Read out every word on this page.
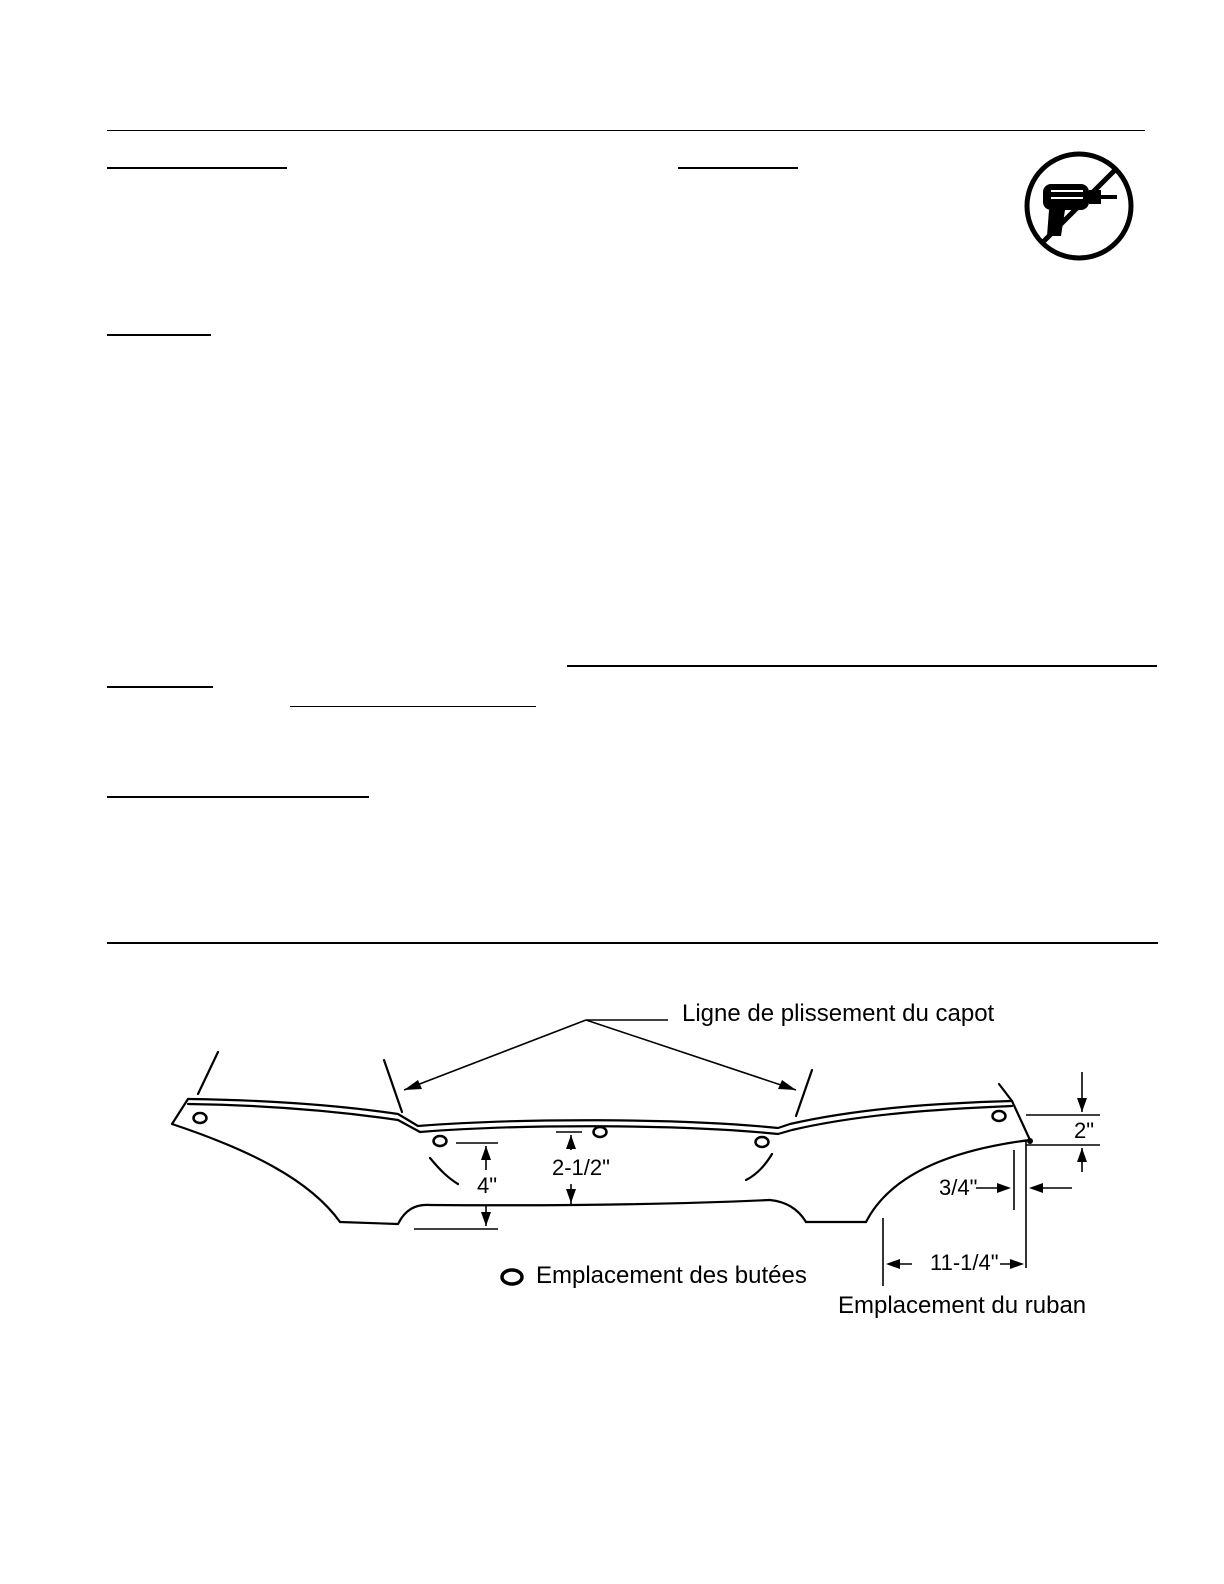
Ligne de plissement du capot
4"
2-1/2"
2"
3/4"
11-1/4"
Emplacement des butées
Emplacement du ruban
